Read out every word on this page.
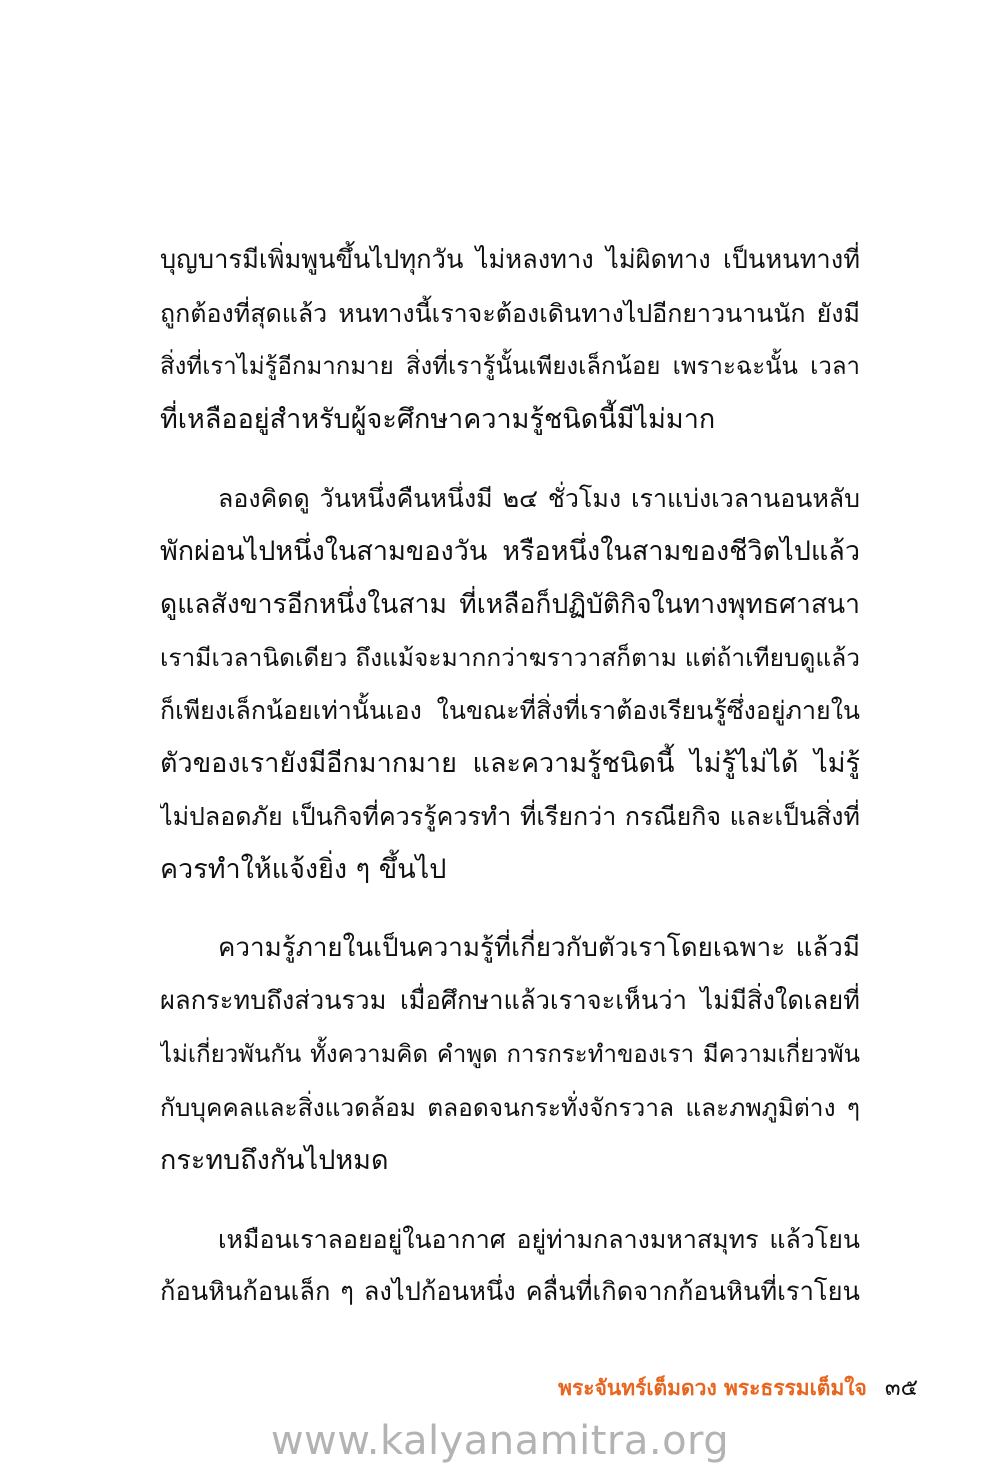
บุญบารมีเพิ่มพูนขึ้นไปทุกวัน ไม่หลงทาง ไม่ผิดทาง เป็นหนทางที่
ถูกต้องที่สุดแล้ว หนทางนี้เราจะต้องเดินทางไปอีกยาวนานนัก ยังมี
สิ่งที่เราไม่รู้อีกมากมาย สิ่งที่เรารู้นั้นเพียงเล็กน้อย เพราะฉะนั้น เวลา
ที่เหลืออยู่สำหรับผู้จะศึกษาความรู้ชนิดนี้มีไม่มาก
ลองคิดดู วันหนึ่งคืนหนึ่งมี ๒๔ ชั่วโมง เราแบ่งเวลานอนหลับ
พักผ่อนไปหนึ่งในสามของวัน หรือหนึ่งในสามของชีวิตไปแล้ว
ดูแลสังขารอีกหนึ่งในสาม ที่เหลือก็ปฏิบัติกิจในทางพุทธศาสนา
เรามีเวลานิดเดียว ถึงแม้จะมากกว่าฆราวาสก็ตาม แต่ถ้าเทียบดูแล้ว
ก็เพียงเล็กน้อยเท่านั้นเอง ในขณะที่สิ่งที่เราต้องเรียนรู้ซึ่งอยู่ภายใน
ตัวของเรายังมีอีกมากมาย และความรู้ชนิดนี้ ไม่รู้ไม่ได้ ไม่รู้
ไม่ปลอดภัย เป็นกิจที่ควรรู้ควรทำ ที่เรียกว่า กรณียกิจ และเป็นสิ่งที่
ควรทำให้แจ้งยิ่ง ๆ ขึ้นไป
ความรู้ภายในเป็นความรู้ที่เกี่ยวกับตัวเราโดยเฉพาะ แล้วมี
ผลกระทบถึงส่วนรวม เมื่อศึกษาแล้วเราจะเห็นว่า ไม่มีสิ่งใดเลยที่
ไม่เกี่ยวพันกัน ทั้งความคิด คำพูด การกระทำของเรา มีความเกี่ยวพัน
กับบุคคลและสิ่งแวดล้อม ตลอดจนกระทั่งจักรวาล และภพภูมิต่าง ๆ
กระทบถึงกันไปหมด
เหมือนเราลอยอยู่ในอากาศ อยู่ท่ามกลางมหาสมุทร แล้วโยน
ก้อนหินก้อนเล็ก ๆ ลงไปก้อนหนึ่ง คลื่นที่เกิดจากก้อนหินที่เราโยน
พระจันทร์เต็มดวง พระธรรมเต็มใจ ๓๕
www.kalyanamitra.org
